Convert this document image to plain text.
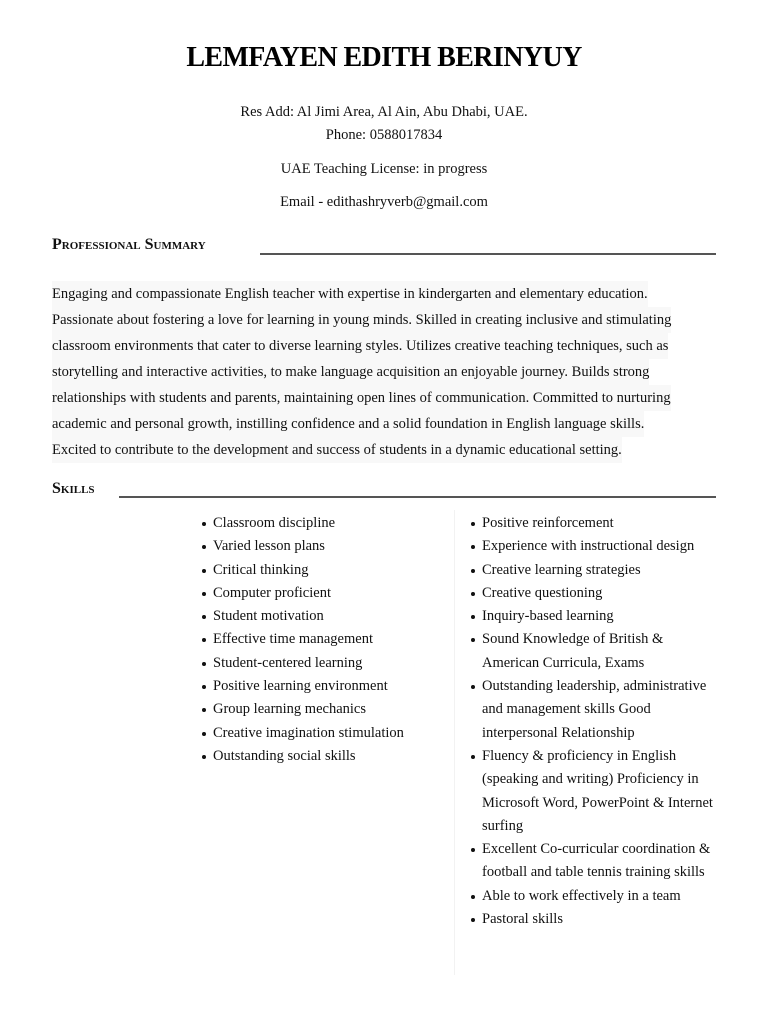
LEMFAYEN EDITH BERINYUY
Res Add: Al Jimi Area, Al Ain, Abu Dhabi, UAE.
Phone: 0588017834
UAE Teaching License: in progress
Email - edithashryverb@gmail.com
Professional Summary
Engaging and compassionate English teacher with expertise in kindergarten and elementary education.
Passionate about fostering a love for learning in young minds. Skilled in creating inclusive and stimulating
classroom environments that cater to diverse learning styles. Utilizes creative teaching techniques, such as
storytelling and interactive activities, to make language acquisition an enjoyable journey. Builds strong
relationships with students and parents, maintaining open lines of communication. Committed to nurturing
academic and personal growth, instilling confidence and a solid foundation in English language skills.
Excited to contribute to the development and success of students in a dynamic educational setting.
Skills
Classroom discipline
Varied lesson plans
Critical thinking
Computer proficient
Student motivation
Effective time management
Student-centered learning
Positive learning environment
Group learning mechanics
Creative imagination stimulation
Outstanding social skills
Positive reinforcement
Experience with instructional design
Creative learning strategies
Creative questioning
Inquiry-based learning
Sound Knowledge of British & American Curricula, Exams
Outstanding leadership, administrative and management skills Good interpersonal Relationship
Fluency & proficiency in English (speaking and writing) Proficiency in Microsoft Word, PowerPoint & Internet surfing
Excellent Co-curricular coordination & football and table tennis training skills
Able to work effectively in a team
Pastoral skills
